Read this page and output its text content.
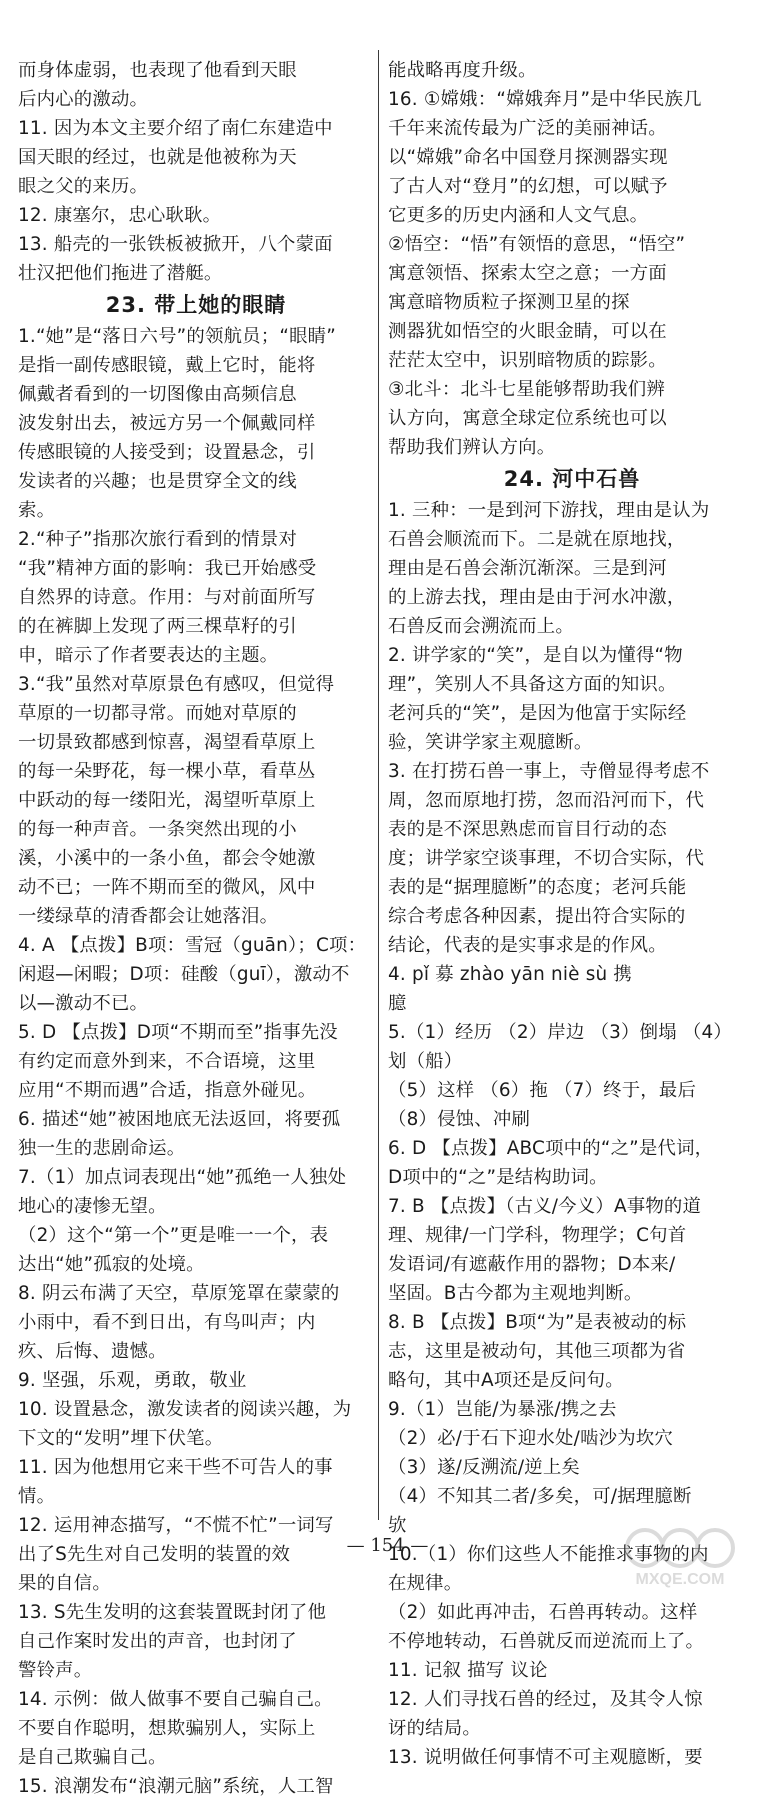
而身体虚弱，也表现了他看到天眼
后内心的激动。
11. 因为本文主要介绍了南仁东建造中
国天眼的经过，也就是他被称为天
眼之父的来历。
12. 康塞尔，忠心耿耿。
13. 船壳的一张铁板被掀开，八个蒙面
壮汉把他们拖进了潜艇。
23. 带上她的眼睛
1.“她”是“落日六号”的领航员；“眼睛”
是指一副传感眼镜，戴上它时，能将
佩戴者看到的一切图像由高频信息
波发射出去，被远方另一个佩戴同样
传感眼镜的人接受到；设置悬念，引
发读者的兴趣；也是贯穿全文的线
索。
2.“种子”指那次旅行看到的情景对
“我”精神方面的影响：我已开始感受
自然界的诗意。作用：与对前面所写
的在裤脚上发现了两三棵草籽的引
申，暗示了作者要表达的主题。
3.“我”虽然对草原景色有感叹，但觉得
草原的一切都寻常。而她对草原的
一切景致都感到惊喜，渴望看草原上
的每一朵野花，每一棵小草，看草丛
中跃动的每一缕阳光，渴望听草原上
的每一种声音。一条突然出现的小
溪，小溪中的一条小鱼，都会令她激
动不已；一阵不期而至的微风，风中
一缕绿草的清香都会让她落泪。
4. A 【点拨】B项：雪冠（guān）；C项：
闲遐—闲暇；D项：硅酸（guī），激动不
以—激动不已。
5. D 【点拨】D项“不期而至”指事先没
有约定而意外到来，不合语境，这里
应用“不期而遇”合适，指意外碰见。
6. 描述“她”被困地底无法返回，将要孤
独一生的悲剧命运。
7.（1）加点词表现出“她”孤绝一人独处
地心的凄惨无望。
（2）这个“第一个”更是唯一一个，表
达出“她”孤寂的处境。
8. 阴云布满了天空，草原笼罩在蒙蒙的
小雨中，看不到日出，有鸟叫声；内
疚、后悔、遗憾。
9. 坚强，乐观，勇敢，敬业
10. 设置悬念，激发读者的阅读兴趣，为
下文的“发明”埋下伏笔。
11. 因为他想用它来干些不可告人的事
情。
12. 运用神态描写，“不慌不忙”一词写
出了S先生对自己发明的装置的效
果的自信。
13. S先生发明的这套装置既封闭了他
自己作案时发出的声音，也封闭了
警铃声。
14. 示例：做人做事不要自己骗自己。
不要自作聪明，想欺骗别人，实际上
是自己欺骗自己。
15. 浪潮发布“浪潮元脑”系统，人工智
能战略再度升级。
16. ①嫦娥：“嫦娥奔月”是中华民族几
千年来流传最为广泛的美丽神话。
以“嫦娥”命名中国登月探测器实现
了古人对“登月”的幻想，可以赋予
它更多的历史内涵和人文气息。
②悟空：“悟”有领悟的意思，“悟空”
寓意领悟、探索太空之意；一方面
寓意暗物质粒子探测卫星的探
测器犹如悟空的火眼金睛，可以在
茫茫太空中，识别暗物质的踪影。
③北斗：北斗七星能够帮助我们辨
认方向，寓意全球定位系统也可以
帮助我们辨认方向。
24. 河中石兽
1. 三种：一是到河下游找，理由是认为
石兽会顺流而下。二是就在原地找，
理由是石兽会渐沉渐深。三是到河
的上游去找，理由是由于河水冲激，
石兽反而会溯流而上。
2. 讲学家的“笑”，是自以为懂得“物
理”，笑别人不具备这方面的知识。
老河兵的“笑”，是因为他富于实际经
验，笑讲学家主观臆断。
3. 在打捞石兽一事上，寺僧显得考虑不
周，忽而原地打捞，忽而沿河而下，代
表的是不深思熟虑而盲目行动的态
度；讲学家空谈事理，不切合实际，代
表的是“据理臆断”的态度；老河兵能
综合考虑各种因素，提出符合实际的
结论，代表的是实事求是的作风。
4. pǐ 募 zhào yān niè sù 携
臆
5.（1）经历 （2）岸边 （3）倒塌 （4）
划（船）
（5）这样 （6）拖 （7）终于，最后
（8）侵蚀、冲刷
6. D 【点拨】ABC项中的“之”是代词，
D项中的“之”是结构助词。
7. B 【点拨】（古义/今义）A事物的道
理、规律/一门学科，物理学；C句首
发语词/有遮蔽作用的器物；D本来/
坚固。B古今都为主观地判断。
8. B 【点拨】B项“为”是表被动的标
志，这里是被动句，其他三项都为省
略句，其中A项还是反问句。
9.（1）岂能/为暴涨/携之去
（2）必/于石下迎水处/啮沙为坎穴
（3）遂/反溯流/逆上矣
（4）不知其二者/多矣，可/据理臆断
欤
10.（1）你们这些人不能推求事物的内
在规律。
（2）如此再冲击，石兽再转动。这样
不停地转动，石兽就反而逆流而上了。
11. 记叙 描写 议论
12. 人们寻找石兽的经过，及其令人惊
讶的结局。
13. 说明做任何事情不可主观臆断，要
— 154 —
MXQE.COM
